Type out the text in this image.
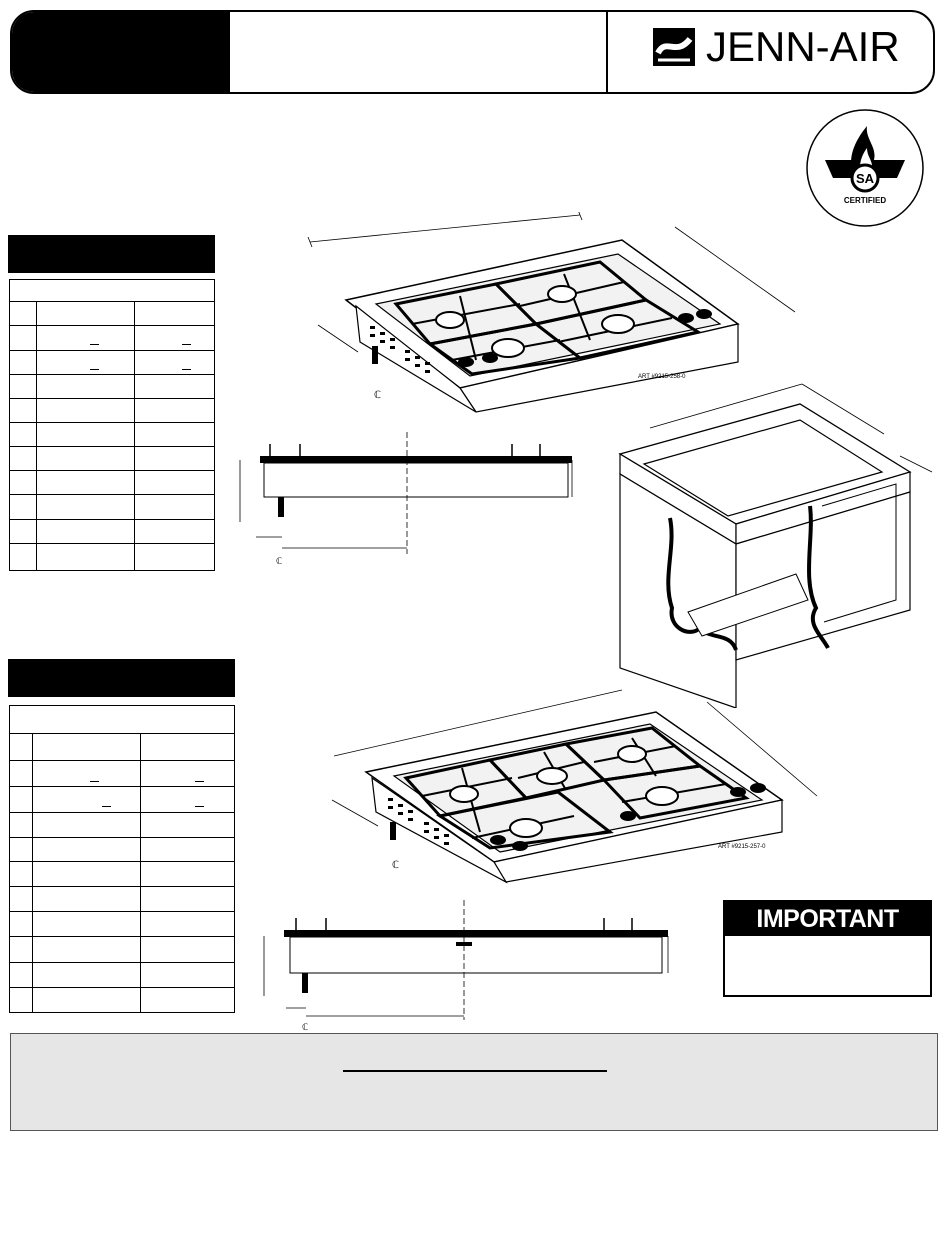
JENN-AIR
SA
CERTIFIED
ℂ
ART #9215-258-0
ℂ
ℂ
ART #9215-257-0
ℂ
IMPORTANT
